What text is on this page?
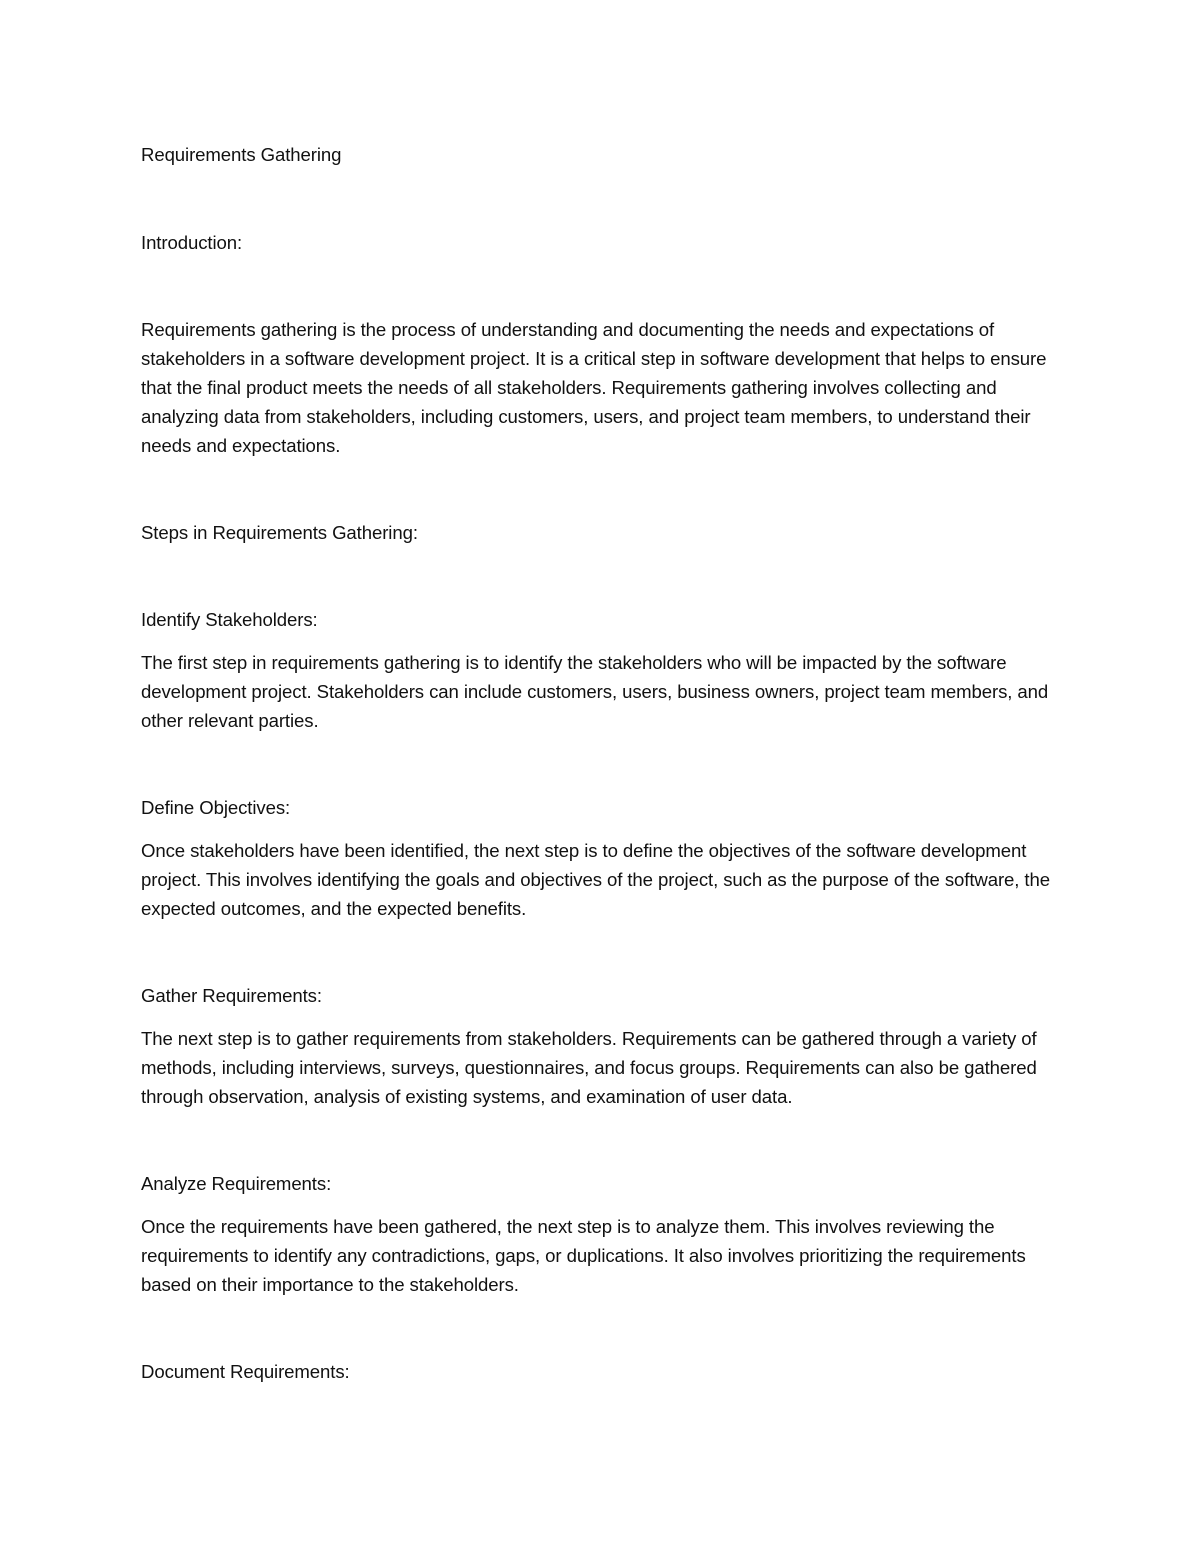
Requirements Gathering

Introduction:

Requirements gathering is the process of understanding and documenting the needs and expectations of stakeholders in a software development project. It is a critical step in software development that helps to ensure that the final product meets the needs of all stakeholders. Requirements gathering involves collecting and analyzing data from stakeholders, including customers, users, and project team members, to understand their needs and expectations.

Steps in Requirements Gathering:

Identify Stakeholders:

The first step in requirements gathering is to identify the stakeholders who will be impacted by the software development project. Stakeholders can include customers, users, business owners, project team members, and other relevant parties.

Define Objectives:

Once stakeholders have been identified, the next step is to define the objectives of the software development project. This involves identifying the goals and objectives of the project, such as the purpose of the software, the expected outcomes, and the expected benefits.

Gather Requirements:

The next step is to gather requirements from stakeholders. Requirements can be gathered through a variety of methods, including interviews, surveys, questionnaires, and focus groups. Requirements can also be gathered through observation, analysis of existing systems, and examination of user data.

Analyze Requirements:

Once the requirements have been gathered, the next step is to analyze them. This involves reviewing the requirements to identify any contradictions, gaps, or duplications. It also involves prioritizing the requirements based on their importance to the stakeholders.

Document Requirements:
